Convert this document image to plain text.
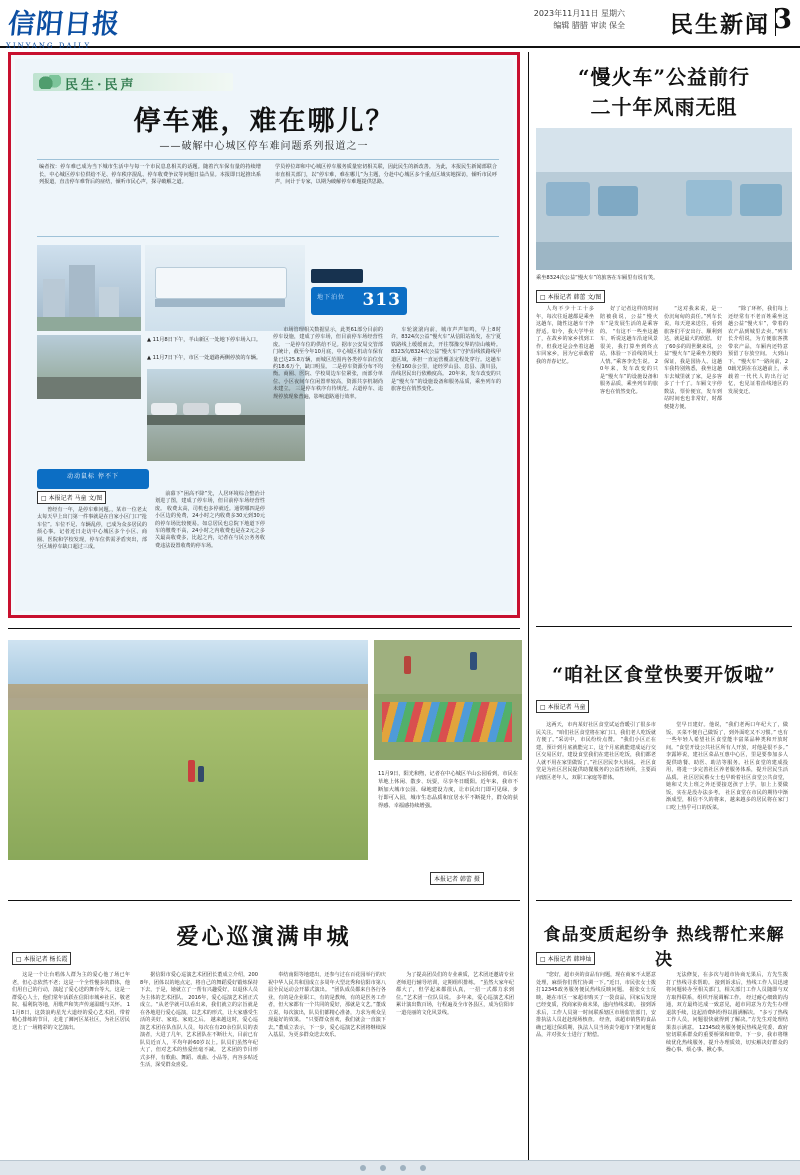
信阳日报
XINYANG DAILY
2023年11月11日 星期六
编辑 腊腊 审读 保全 民生新闻 3
民生·民声
停车难，难在哪儿？
——破解中心城区停车难问题系列报道之一
编者按：停车难已成为当下城市生活中与每一个市民息息相关的话题。随着汽车保有量的持续增长，中心城区停车位供给不足、停车秩序混乱、停车收费争议等问题日益凸显。本报即日起推出系列报道，直击停车难背后的症结，倾听市民心声，探寻破解之道。
学员停位却和中心城区停车服务质量密切相关联，因此民生的新改善。 为此，本报民生新闻部联合市直相关部门，以“停车难，难在哪儿”为主题，分赴中心城区多个重点区域实地探访，倾听市民呼声，问计于专家，以期为破解停车难题提供思路。
地下泊位 313
动动鼠标 停不下
▲ 11月8日下午，羊山新区一处地下停车场入口。
▲ 11月7日下午，市区一处道路两侧停放的车辆。
□ 本报记者 马童 文/图

曾经有一年，是停车难问题。，某市一位老太太每天早上出门第一件事就是在自家小区门口“抢车位”。车位不足、车辆乱停，已成为众多居民的烦心事。记者近日走访中心城区多个小区、商圈、医院和学校发现，停车位供需矛盾突出，部分区域停车缺口超过三成。

前幕下“困高不降”先，人居环境综合整治计划进了图，建成了停车场，但目前停车场经营性废。 收费太高，司机也多停就近。通常哪四是停小区边的免费，24小时之内收费多30元到30元的停车场比较便易。如总居民也总院下地道下停车的缴费不高，24小时之内收费也是在2元之多关最高收费多，比起之内，记者在与民公务务收费违法设置收费的停车场。

市场管理相关数据显示，此类61部分目前的停车设施，建成了停车场，但目前停车场经营性废。 一是停车位的供给不足。据市公安局交管部门统计，截至今年10月底，中心城区机动车保有量已达25.8万辆，而城区范围内各类停车泊位仅约18.6万个，缺口明显。 二是停车资源分布不均衡。商圈、医院、学校周边车位紧张，而部分单位、小区夜间车位闲置率较高，资源共享机制尚未建立。 三是停车秩序有待规范。占道停车、违规停放现象普遍，影响道路通行效率。

车轮滚滚向前，城市声声如鸣，早上8时许，8324次公益“慢火车”从信阳站始发，在宁夏铁路线上缓缓而去，开往鄂豫交界的崇山峻岭。 8323次/8324次公益“慢火车”守护沿线铁路线甲道区域，承担一直运营覆盖定程处穿行。这趟车全程160余公里，途经罗山县、息县、潢川县，沿线居民出行依赖度高。 20年来，发车改变的只是“慢火车”的设施设备和服务品质，乘坐列车的旅客也在悄然变化。

“慢火车”公益前行
二十年风雨无阻
乘坐8324次公益“慢火车”的旅客在车厢里有说有笑。
□ 本报记者 韩蕾 文/图

人均不少十工十多年，每次往返越都是乘坐这趟车，随性这趟车干净舒适。如今，我大学毕业了，在故乡的家乡找到工作，但我还是会坐着这趟车回家乡，因为它承载着我的青春记忆。

好了记者这样的时间陪被我说，公益“慢火车”是发展生活的是乘客的。 “有这不一些坐这趟车，听说这趟车沿途风景很美，我打算坐到终点站，体验一下沿线的风土人情。”乘客李先生说。 20年来，发车改变的只是“慢火车”的设施设备和服务品质，乘坐列车的旅客也在悄然变化。

“这对我来说，是一份沉甸甸的责任。”列车长说，每天迎来送往，看到旅客们平安出行、顺利到达，就是最大的欣慰。 好了60多的周世聚来说，公益“慢火车”是乘坐方便的保证，我是国协人、这趟车我特别熟悉，我坐这趟车去城里就了家，是多客多了十千了。车厢文字停数法，票价便宜，发车到站时间也也非常好，时都便捷方便。

“除了环杯，我们每上还经常有不老百姓乘坐这趟公益“慢火车”，带着的农产品到城里去卖。”列车长介绍说，为方便旅客携带农产品，车厢内还特意预留了存放空间。 大到山下，“慢火车”一路向前，20载光阴在在这趟前上，承载着一代代人的出行记忆，也见证着沿线地区的发展变迁。

11月9日，阳光和煦，记者在中心城区羊山公园看到，市民在草地上休闲、散步、玩耍，尽享冬日暖阳。近年来，我市不断加大城市公园、绿地建设力度，让市民出门即可见绿、步行即可入园，城市生态品质和宜居水平不断提升，群众的获得感、幸福感持续增强。
本报记者 韩蕾 摄
“咱社区食堂快要开饭啦”
□ 本报记者 马童

这两天，市内某好社区食堂试运营暖引了很多市民关注。“咱们社区食堂将在家门口，我们老人吃饭就方便了。”采访中，市民纷纷点赞。 “我们小区正在建，预计到月底就能完工，这个月底就能建成运行交区交易区好，建设食堂我们在建社区吃饭，我们都老人就不用在家里做饭了。”社区居民李大妈说。 社区食堂是为社区居民提供助餐服务的公益性场所，主要面向辖区老年人、双职工家庭等群体。

堂早日建好。他说，“我们老两口年纪大了，做饭、买菜不便自己做饭了，到外面吃又不习惯。” 也有一些年轻人希望社区食堂能丰富菜品种类和开放时间。“食堂开设公共社区所有人开放，对他是很不多。” 李露婷说，建社区菜品互惠中心区，里是要参加多人提供助餐、助医、助洁等服务。社区食堂的建成投用，将进一步完善社区养老服务体系，提升居民生活品质。 社区居民蔡女士也早盼着社区食堂公共食堂，她和丈夫上班之外还要接送孩子上学，加上上要做饭，实在是没办法多考。 社区食堂在市民的期待中渐渐成型，相信不久的将来，越来越多的居民将在家门口吃上热乎可口的饭菜。

爱心巡演满申城
□ 本报记者 杨长霞

这是一个让台唱体人群为主的爱心他了场已年老，但心志依然不老；这是一个全性慢多的群体，他们用自己的行动，演起了爱心送的舞台等大。这是一群爱心人士，他们常年活跃在信阳市城乡社区、敬老院、福利院等地，用歌声和笑声传递温暖与关怀。 11月8日，这鼓浪屿星光大道经的爱心艺术团，带着精心排练的节目，走进了浉河区某社区，为社区居民送上了一场精彩的文艺演出。

据信阳市爱心巡演艺术团团长董成立介绍，2008年，团体以的地点定，将自己的舞蹈爱好锻炼保持下去，于是，她就立了一帮有兴趣爱好，以退休人员为主体的艺术团队。 2016年，爱心巡演艺术团正式成立。“从老学就可以看出来，我们就立的宗旨就是在各地进行爱心巡演，以艺术的形式，让大家感受生活的美好、家庭、家庭之后。 越来越这时，爱心巡演艺术团在队伍队人员，每次在有20余位队员的表演者，大进了几年，艺术团队在不断壮大，目前已有队员近百人，平均年龄60岁以上。队员们虽然年纪大了，但对艺术的热爱丝毫不减。 艺术团的节目形式多样，有歌曲、舞蹈、戏曲、小品等，内容多贴近生活，深受群众喜爱。

奉结南阳等地建出，还参与过在百花园举行的庆祝中华人民共和国成立多周年大型北秀和信阳市第八届全民运动会开幕式演出。 “团队成员都来自各行各业，有的是企业职工，有的是教师，有的是医务工作者，但大家都有一个共同的爱好，那就是文艺。”董成立说，每次演出，队员们都精心准备，力求为观众呈现最好的效果。 “只要群众喜欢，我们就会一直演下去。”董成立表示，下一步，爱心巡演艺术团将继续深入基层，为更多群众送去欢乐。

为了提高团员们的专业素质，艺术团还邀请专业老师进行辅导培训，定期组织排练。 “虽然大家年纪都大了，但学起来都很认真，一招一式都力求到位。”艺术团一位队员说。 多年来，爱心巡演艺术团累计演出数百场，行程遍及全市各县区，成为信阳市一道亮丽的文化风景线。

食品变质起纷争 热线帮忙来解决
□ 本报记者 韩坤灿

“您好，超市卖的食品有问题，现在商家不太愿意处理，麻烦你们帮忙协调一下。”近日，市民张女士拨打12345政务服务便民热线反映问题。 据张女士反映，她在市区一家超市购买了一袋食品，回家后发现已经变质，找商家协商未果，遂向热线求助。 接到诉求后，工作人员第一时间联系辖区市场监管部门，安排执法人员赶赴现场核查。 经查，该超市销售的食品确已超过保质期，执法人员当场责令超市下架问题食品，并对张女士进行了赔偿。

无法修复，在多次与超市协商无果后，方先生拨打了热线寻求帮助。 接到诉求后，热线工作人员迅速将问题转办至相关部门，相关部门工作人员随即与双方取得联系，组织开展调解工作。 经过耐心细致的沟通，双方最终达成一致意见，超市同意为方先生办理退款手续，这起消费纠纷得以圆满解决。 “多亏了热线工作人员，问题很快就得到了解决。”方先生对处理结果表示满意。 12345政务服务便民热线是党委、政府密切联系群众的重要桥梁和纽带。下一步，我市将继续优化热线服务，提升办理质效，切实解决好群众的操心事、烦心事、揪心事。
